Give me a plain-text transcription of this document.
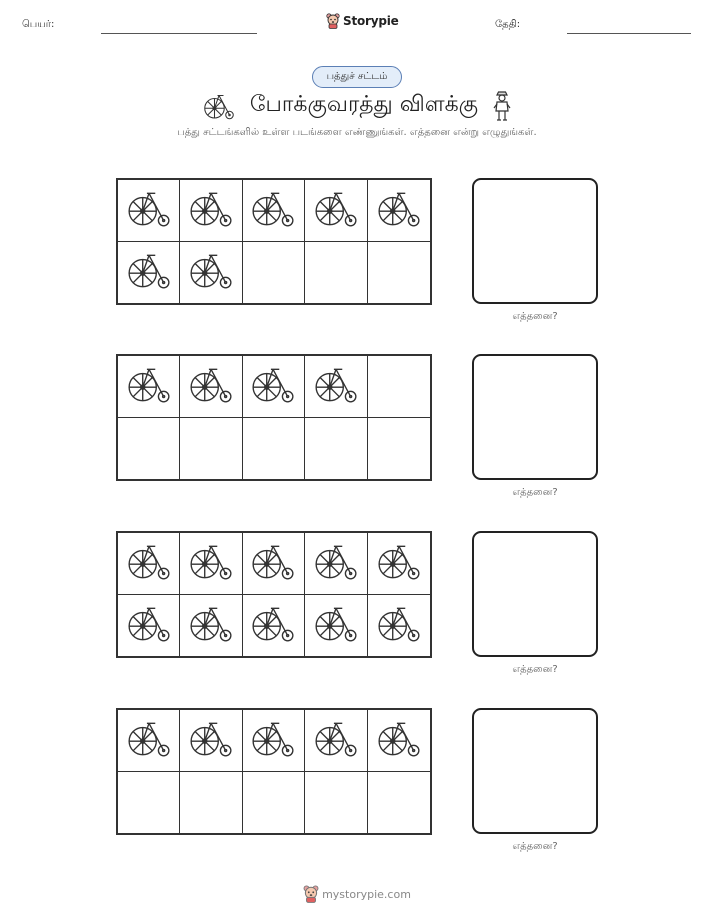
பெயர்:	Storypie	தேதி:
பத்துச் சட்டம்
போக்குவரத்து விளக்கு
பத்து சட்டங்களில் உள்ள படங்களை எண்ணுங்கள். எத்தனை என்று எழுதுங்கள்.
எத்தனை?
எத்தனை?
எத்தனை?
எத்தனை?
mystorypie.com
